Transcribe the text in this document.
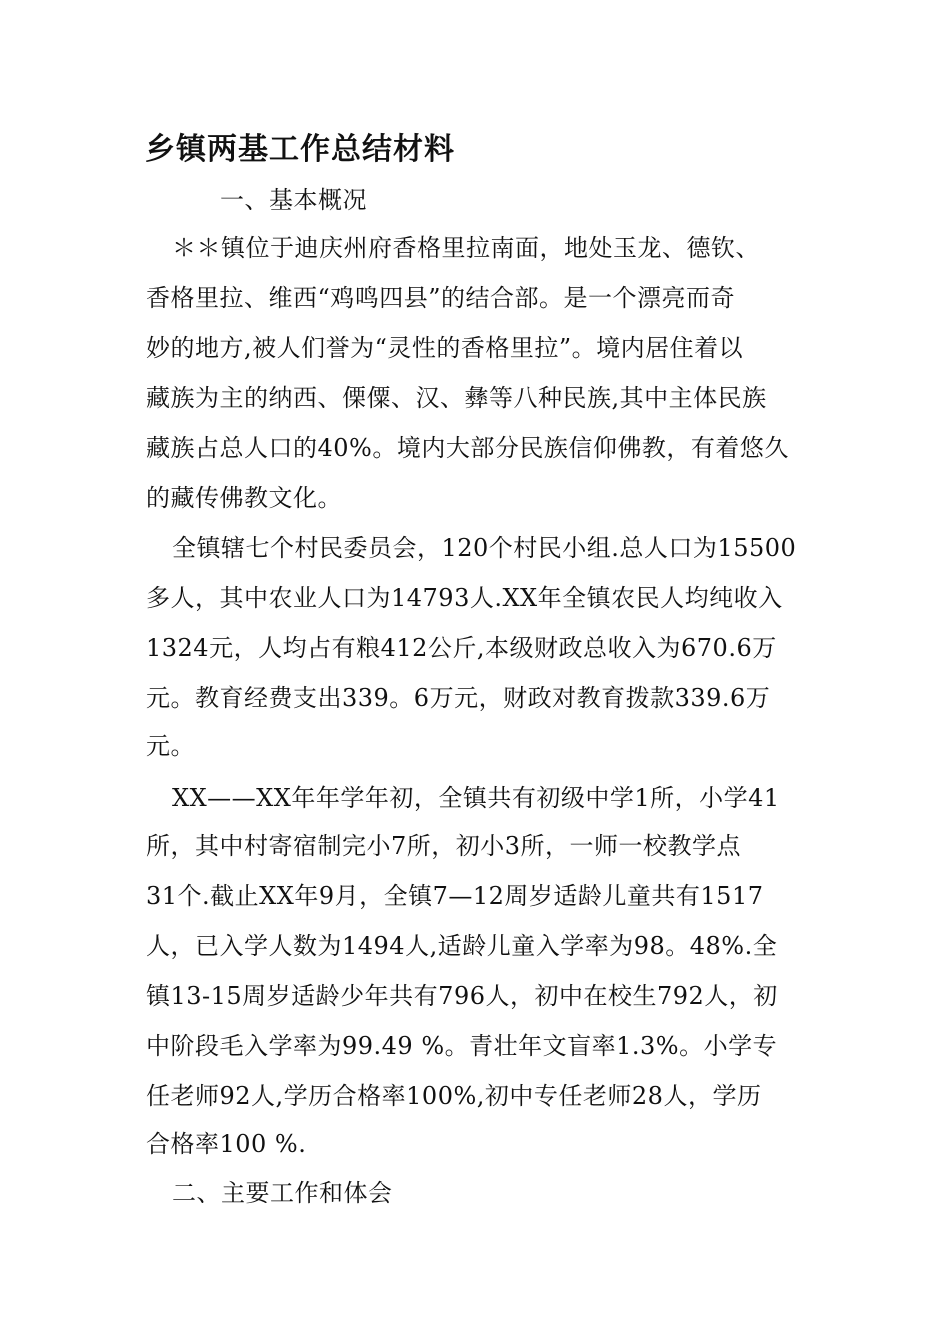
乡镇两基工作总结材料
一、基本概况
＊＊镇位于迪庆州府香格里拉南面，地处玉龙、德钦、
香格里拉、维西“鸡鸣四县”的结合部。是一个漂亮而奇
妙的地方,被人们誉为“灵性的香格里拉”。境内居住着以
藏族为主的纳西、傈僳、汉、彝等八种民族,其中主体民族
藏族占总人口的40%。境内大部分民族信仰佛教，有着悠久
的藏传佛教文化。
全镇辖七个村民委员会，120个村民小组.总人口为15500
多人，其中农业人口为14793人.XX年全镇农民人均纯收入
1324元，人均占有粮412公斤,本级财政总收入为670.6万
元。教育经费支出339。6万元，财政对教育拨款339.6万
元。
XX——XX年年学年初，全镇共有初级中学1所，小学41
所，其中村寄宿制完小7所，初小3所，一师一校教学点
31个.截止XX年9月，全镇7—12周岁适龄儿童共有1517
人，已入学人数为1494人,适龄儿童入学率为98。48%.全
镇13-15周岁适龄少年共有796人，初中在校生792人，初
中阶段毛入学率为99.49 %。青壮年文盲率1.3%。小学专
任老师92人,学历合格率100%,初中专任老师28人，学历
合格率100 %.
二、主要工作和体会
